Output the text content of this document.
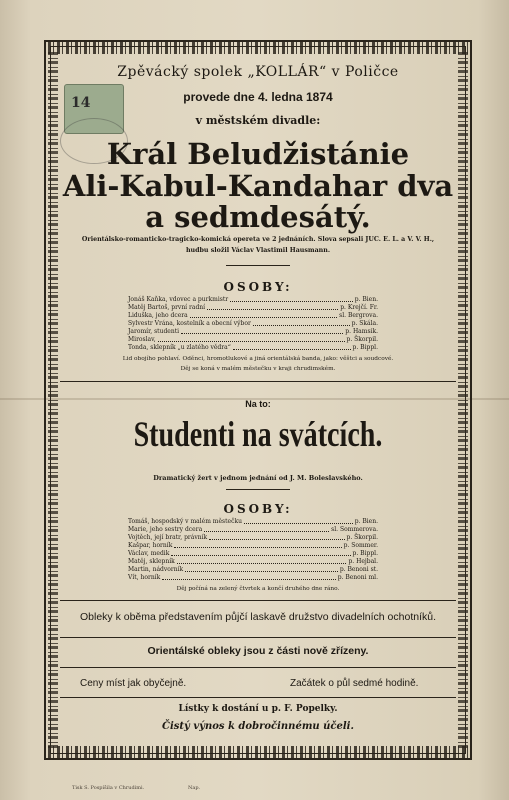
14
Zpěvácký spolek „KOLLÁR“ v Poličce
provede dne 4. ledna 1874
v městském divadle:
Král Beludžistánie
Ali-Kabul-Kandahar dva
a sedmdesátý.
Orientálsko-romanticko-tragicko-komická opereta ve 2 jednáních. Slova sepsali JUC. E. L. a V. V. H.,
hudbu složil Václav Vlastimil Hausmann.
OSOBY:
Jonáš Kaňka, vdovec a purkmistr	p. Bien.
Matěj Bartoš, první radní	p. Krejčí. Fr.
Liduška, jeho dcera	sl. Bergrova.
Sylvestr Vrána, kostelník a obecní výbor	p. Skála.
Jaromír, studenti	p. Hamsik.
Miroslav,	p. Škorpil.
Tonda, sklepník „u zlatého vědra“	p. Bippl.
Lid obojího pohlaví. Oděnci, hromotlukové a jiná orientálská banda, jako: věštci a soudcové.
Děj se koná v malém městečku v kraji chrudimském.
Na to:
Studenti na svátcích.
Dramatický žert v jednom jednání od J. M. Boleslavského.
OSOBY:
Tomáš, hospodský v malém městečku	p. Bien.
Marie, jeho sestry dcera	sl. Sommerova.
Vojtěch, její bratr, právník	p. Škorpil.
Kašpar, horník	p. Sommer.
Václav, medik	p. Bippl.
Matěj, sklepník	p. Hejbal.
Martin, nádvorník	p. Benoni st.
Vít, horník	p. Benoni ml.
Děj počíná na zelený čtvrtek a končí druhého dne ráno.
Obleky k oběma představením půjčí laskavě družstvo divadelních ochotníků.
Orientálské obleky jsou z části nově zřízeny.
Ceny míst jak obyčejně.	Začátek o půl sedmé hodině.
Lístky k dostání u p. F. Popelky.
Čistý výnos k dobročinnému účeli.
Tisk S. Pospíšila v Chrudimi.	Nap.
